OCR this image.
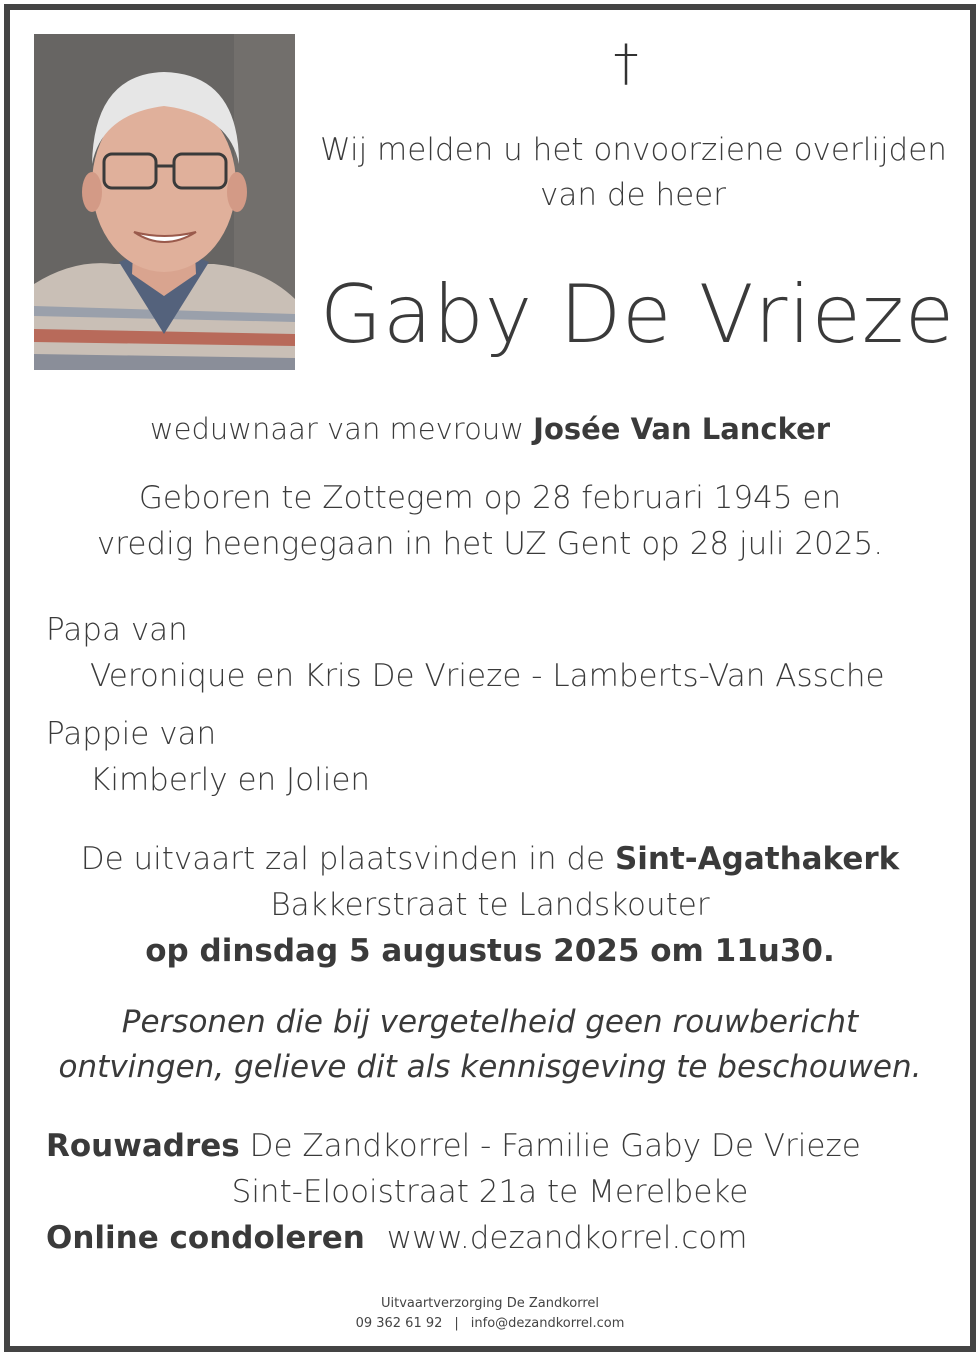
†
Wij melden u het onvoorziene overlijden
van de heer
Gaby De Vrieze
weduwnaar van mevrouw Josée Van Lancker
Geboren te Zottegem op 28 februari 1945 en
vredig heengegaan in het UZ Gent op 28 juli 2025.
Papa van
Veronique en Kris De Vrieze - Lamberts-Van Assche
Pappie van
Kimberly en Jolien
De uitvaart zal plaatsvinden in de Sint-Agathakerk
Bakkerstraat te Landskouter
op dinsdag 5 augustus 2025 om 11u30.
Personen die bij vergetelheid geen rouwbericht
ontvingen, gelieve dit als kennisgeving te beschouwen.
Rouwadres De Zandkorrel - Familie Gaby De Vrieze
Sint-Elooistraat 21a te Merelbeke
Online condoleren www.dezandkorrel.com
Uitvaartverzorging De Zandkorrel
09 362 61 92 | info@dezandkorrel.com
